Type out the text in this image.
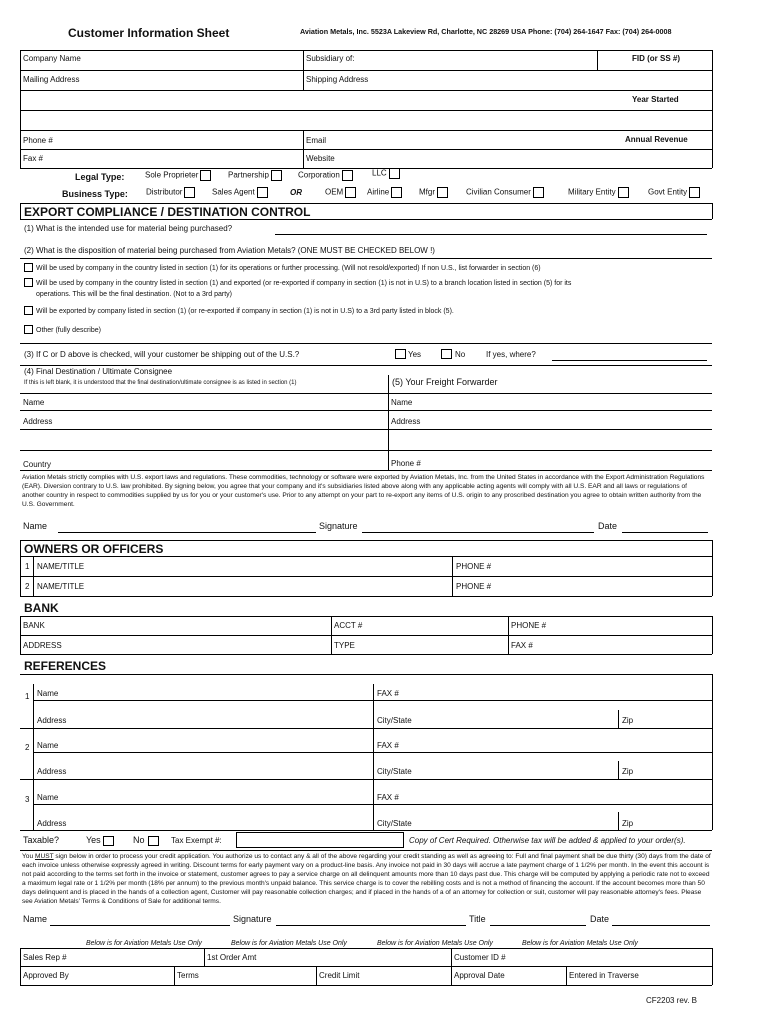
Customer Information Sheet	Aviation Metals, Inc. 5523A Lakeview Rd, Charlotte, NC 28269 USA Phone: (704) 264-1647 Fax: (704) 264-0008
Company Name	Subsidiary of:	FID (or SS #)
Mailing Address	Shipping Address
Year Started
Phone #	Email	Annual Revenue
Fax #	Website
Legal Type:	Sole Proprieter	Partnership	Corporation	LLC
Business Type: Distributor	Sales Agent	OR	OEM	Airline	Mfgr	Civilian Consumer	Military Entity	Govt Entity
EXPORT COMPLIANCE / DESTINATION CONTROL
(1) What is the intended use for material being purchased?
(2) What is the disposition of material being purchased from Aviation Metals? (ONE MUST BE CHECKED BELOW !)
Will be used by company in the country listed in section (1) for its operations or further processing. (Will not resold/exported) If non U.S., list forwarder in section (6)
Will be used by company in the country listed in section (1) and exported (or re-exported if company in section (1) is not in U.S) to a branch location listed in section (5) for its
operations. This will be the final destination. (Not to a 3rd party)
Will be exported by company listed in section (1) (or re-exported if company in section (1) is not in U.S) to a 3rd party listed in block (5).
Other (fully describe)
(3) If C or D above is checked, will your customer be shipping out of the U.S.?	Yes	No	If yes, where?
(4) Final Destination / Ultimate Consignee
If this is left blank, it is understood that the final destination/ultimate consignee is as listed in section (1)	(5) Your Freight Forwarder
Name	Name
Address	Address
Country	Phone #
Aviation Metals strictly complies with U.S. export laws and regulations. These commodities, technology or software were exported by Aviation Metals, Inc. from the United States in accordance with the Export Administration Regulations (EAR). Diversion contrary to U.S. law prohibited. By signing below, you agree that your company and it's subsidiaries listed above along with any applicable acting agents will comply with all U.S. EAR and all laws or regulations of another country in respect to commodities supplied by us for you or your customer's use. Prior to any attempt on your part to re-export any items of U.S. origin to any proscribed destination you agree to obtain written authority from the U.S. Government.
Name	Signature	Date
OWNERS OR OFFICERS
1 NAME/TITLE	PHONE #
2 NAME/TITLE	PHONE #
BANK
BANK	ACCT #	PHONE #
ADDRESS	TYPE	FAX #
REFERENCES
1 Name	FAX #
Address	City/State	Zip
2 Name	FAX #
Address	City/State	Zip
3 Name	FAX #
Address	City/State	Zip
Taxable?	Yes	No	Tax Exempt #:	Copy of Cert Required. Otherwise tax will be added & applied to your order(s).
You MUST sign below in order to process your credit application. You authorize us to contact any & all of the above regarding your credit standing as well as agreeing to: Full and final payment shall be due thirty (30) days from the date of each invoice unless otherwise expressly agreed in writing. Discount terms for early payment vary on a product-line basis. Any invoice not paid in 30 days will accrue a late payment charge of 1 1/2% per month. In the event this account is not paid according to the terms set forth in the invoice or statement, customer agrees to pay a service charge on all delinquent amounts more than 10 days past due. This charge will be computed by applying a periodic rate not to exceed a maximum legal rate or 1 1/2% per month (18% per annum) to the previous month's unpaid balance. This service charge is to cover the rebilling costs and is not a method of financing the account. If the account becomes more than 50 days delinquent and is placed in the hands of a collection agent, Customer will pay reasonable collection charges; and if placed in the hands of a of an attorney for collection or suit, customer will pay reasonable attorney's fees. Please see Aviation Metals' Terms & Conditions of Sale for additional terms.
Name	Signature	Title	Date
Below is for Aviation Metals Use Only	Below is for Aviation Metals Use Only	Below is for Aviation Metals Use Only	Below is for Aviation Metals Use Only
Sales Rep #	1st Order Amt	Customer ID #
Approved By	Terms	Credit Limit	Approval Date	Entered in Traverse
CF2203 rev. B
